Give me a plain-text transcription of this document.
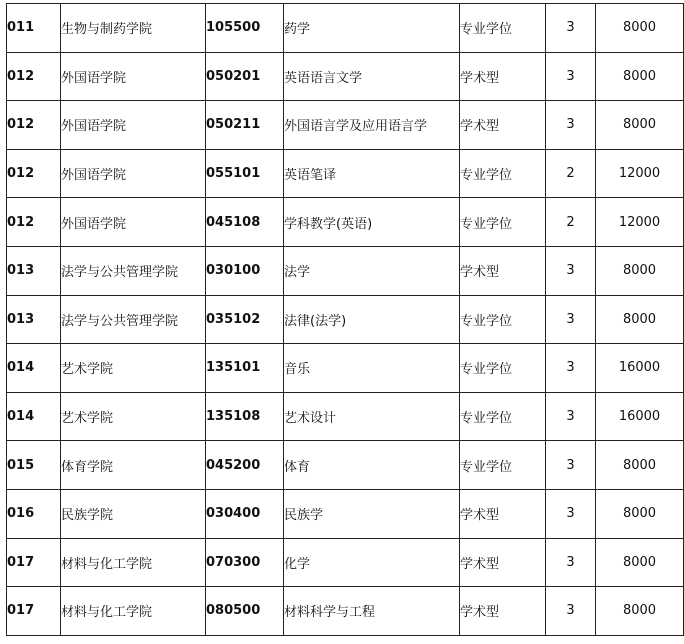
011	生物与制药学院	105500	药学	专业学位	3	8000
012	外国语学院	050201	英语语言文学	学术型	3	8000
012	外国语学院	050211	外国语言学及应用语言学	学术型	3	8000
012	外国语学院	055101	英语笔译	专业学位	2	12000
012	外国语学院	045108	学科教学(英语)	专业学位	2	12000
013	法学与公共管理学院	030100	法学	学术型	3	8000
013	法学与公共管理学院	035102	法律(法学)	专业学位	3	8000
014	艺术学院	135101	音乐	专业学位	3	16000
014	艺术学院	135108	艺术设计	专业学位	3	16000
015	体育学院	045200	体育	专业学位	3	8000
016	民族学院	030400	民族学	学术型	3	8000
017	材料与化工学院	070300	化学	学术型	3	8000
017	材料与化工学院	080500	材料科学与工程	学术型	3	8000
